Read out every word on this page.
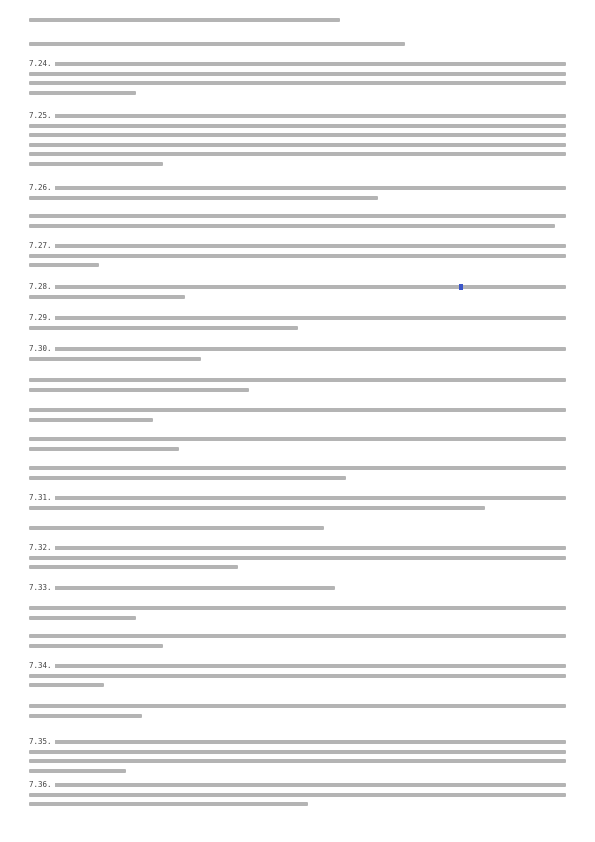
7.24.
7.25.
7.26.
7.27.
7.28.
7.29.
7.30.
7.31.
7.32.
7.33.
7.34.
7.35.
7.36.
